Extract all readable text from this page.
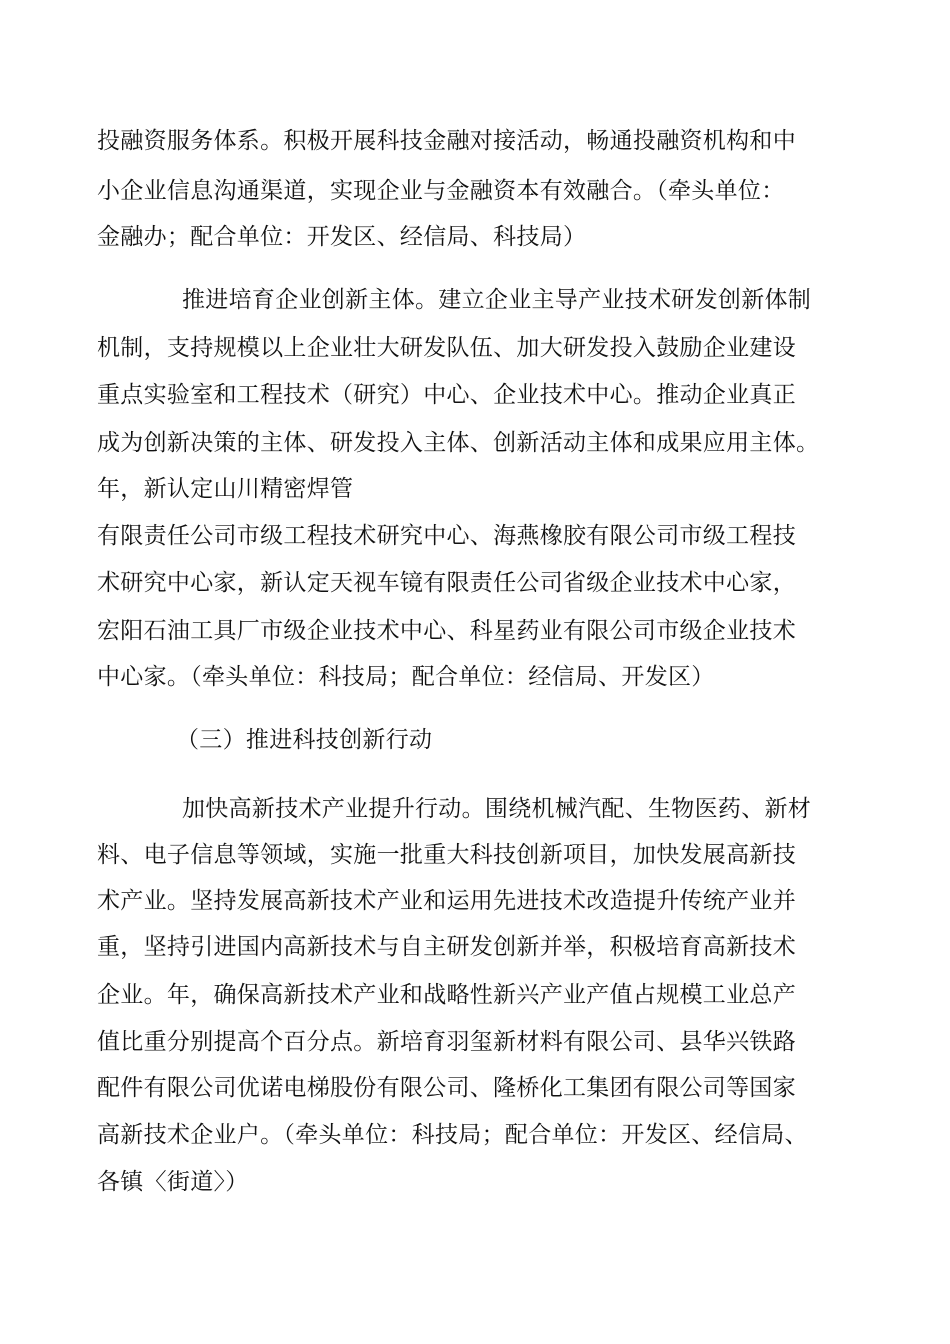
投融资服务体系。积极开展科技金融对接活动，畅通投融资机构和中

小企业信息沟通渠道，实现企业与金融资本有效融合。（牵头单位：

金融办；配合单位：开发区、经信局、科技局）

推进培育企业创新主体。建立企业主导产业技术研发创新体制

机制，支持规模以上企业壮大研发队伍、加大研发投入鼓励企业建设

重点实验室和工程技术（研究）中心、企业技术中心。推动企业真正

成为创新决策的主体、研发投入主体、创新活动主体和成果应用主体。

年，新认定山川精密焊管

有限责任公司市级工程技术研究中心、海燕橡胶有限公司市级工程技

术研究中心家，新认定天视车镜有限责任公司省级企业技术中心家，

宏阳石油工具厂市级企业技术中心、科星药业有限公司市级企业技术

中心家。（牵头单位：科技局；配合单位：经信局、开发区）

（三）推进科技创新行动

加快高新技术产业提升行动。围绕机械汽配、生物医药、新材

料、电子信息等领域，实施一批重大科技创新项目，加快发展高新技

术产业。坚持发展高新技术产业和运用先进技术改造提升传统产业并

重，坚持引进国内高新技术与自主研发创新并举，积极培育高新技术

企业。年，确保高新技术产业和战略性新兴产业产值占规模工业总产

值比重分别提高个百分点。新培育羽玺新材料有限公司、县华兴铁路

配件有限公司优诺电梯股份有限公司、隆桥化工集团有限公司等国家

高新技术企业户。（牵头单位：科技局；配合单位：开发区、经信局、

各镇〈街道〉）
